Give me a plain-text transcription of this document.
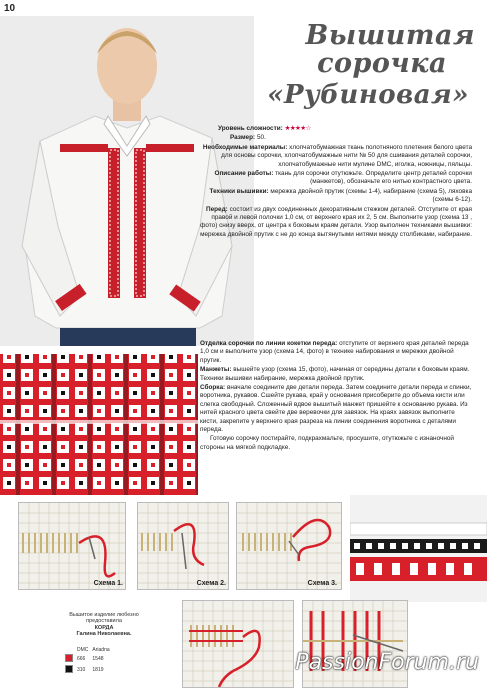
10
Вышитая
сорочка
«Рубиновая»

Уровень сложности: ★★★★☆

Размер: 50.

Необходимые материалы: хлопчатобумажная ткань полотняного плетения белого цвета для основы сорочки, хлопчатобумажные нити № 50 для сшивания деталей сорочки, хлопчатобумажные нити мулине DMC, иголка, ножницы, пяльцы.

Описание работы: ткань для сорочки отутюжьте. Определите центр деталей сорочки (манжетов), обозначьте его нитью контрастного цвета.

Техники вышивки: мережка двойной прутик (схемы 1-4), набирание (схема 5), ляховка (схемы 6-12).

Перед: состоит из двух соединенных декоративным стежком деталей. Отступите от края правой и левой полочки 1,0 см, от верхнего края их 2, 5 см. Выполните узор (схема 13 , фото) снизу вверх, от центра к боковым краям детали. Узор выполнен техниками вышивки: мережка двойной прутик с не до конца вытянутыми нитями между столбиками, набирание.

Отделка сорочки по линии кокетки переда: отступите от верхнего края деталей переда 1,0 см и выполните узор (схема 14, фото) в технике набирования и мережки двойной прутик.

Манжеты: вышейте узор (схема 15, фото), начиная от середины детали к боковым краям. Техники вышивки набирание, мережка двойной прутик.

Сборка: вначале соедините две детали переда. Затем соедините детали переда и спинки, воротника, рукавов. Сшейте рукава, край у основания присоберите до объема кисти или слегка свободный. Сложенный вдвое вышитый манжет пришейте к основанию рукава. Из нитей красного цвета свейте две веревочки для завязок. На краях завязок выполните кисти, закрепите у верхнего края разреза на линии соединения воротника с деталями переда.

Готовую сорочку постирайте, подкрахмальте, просушите, отутюжьте с изнаночной стороны на мягкой подкладке.

Схема 1.	Схема 2.	Схема 3.
Вышитое изделие любезно
предоставила
КОРДА
Галина Николаевна.
	DMC	Ariadna
	666	1548
	310	1819	PassionForum.ru
